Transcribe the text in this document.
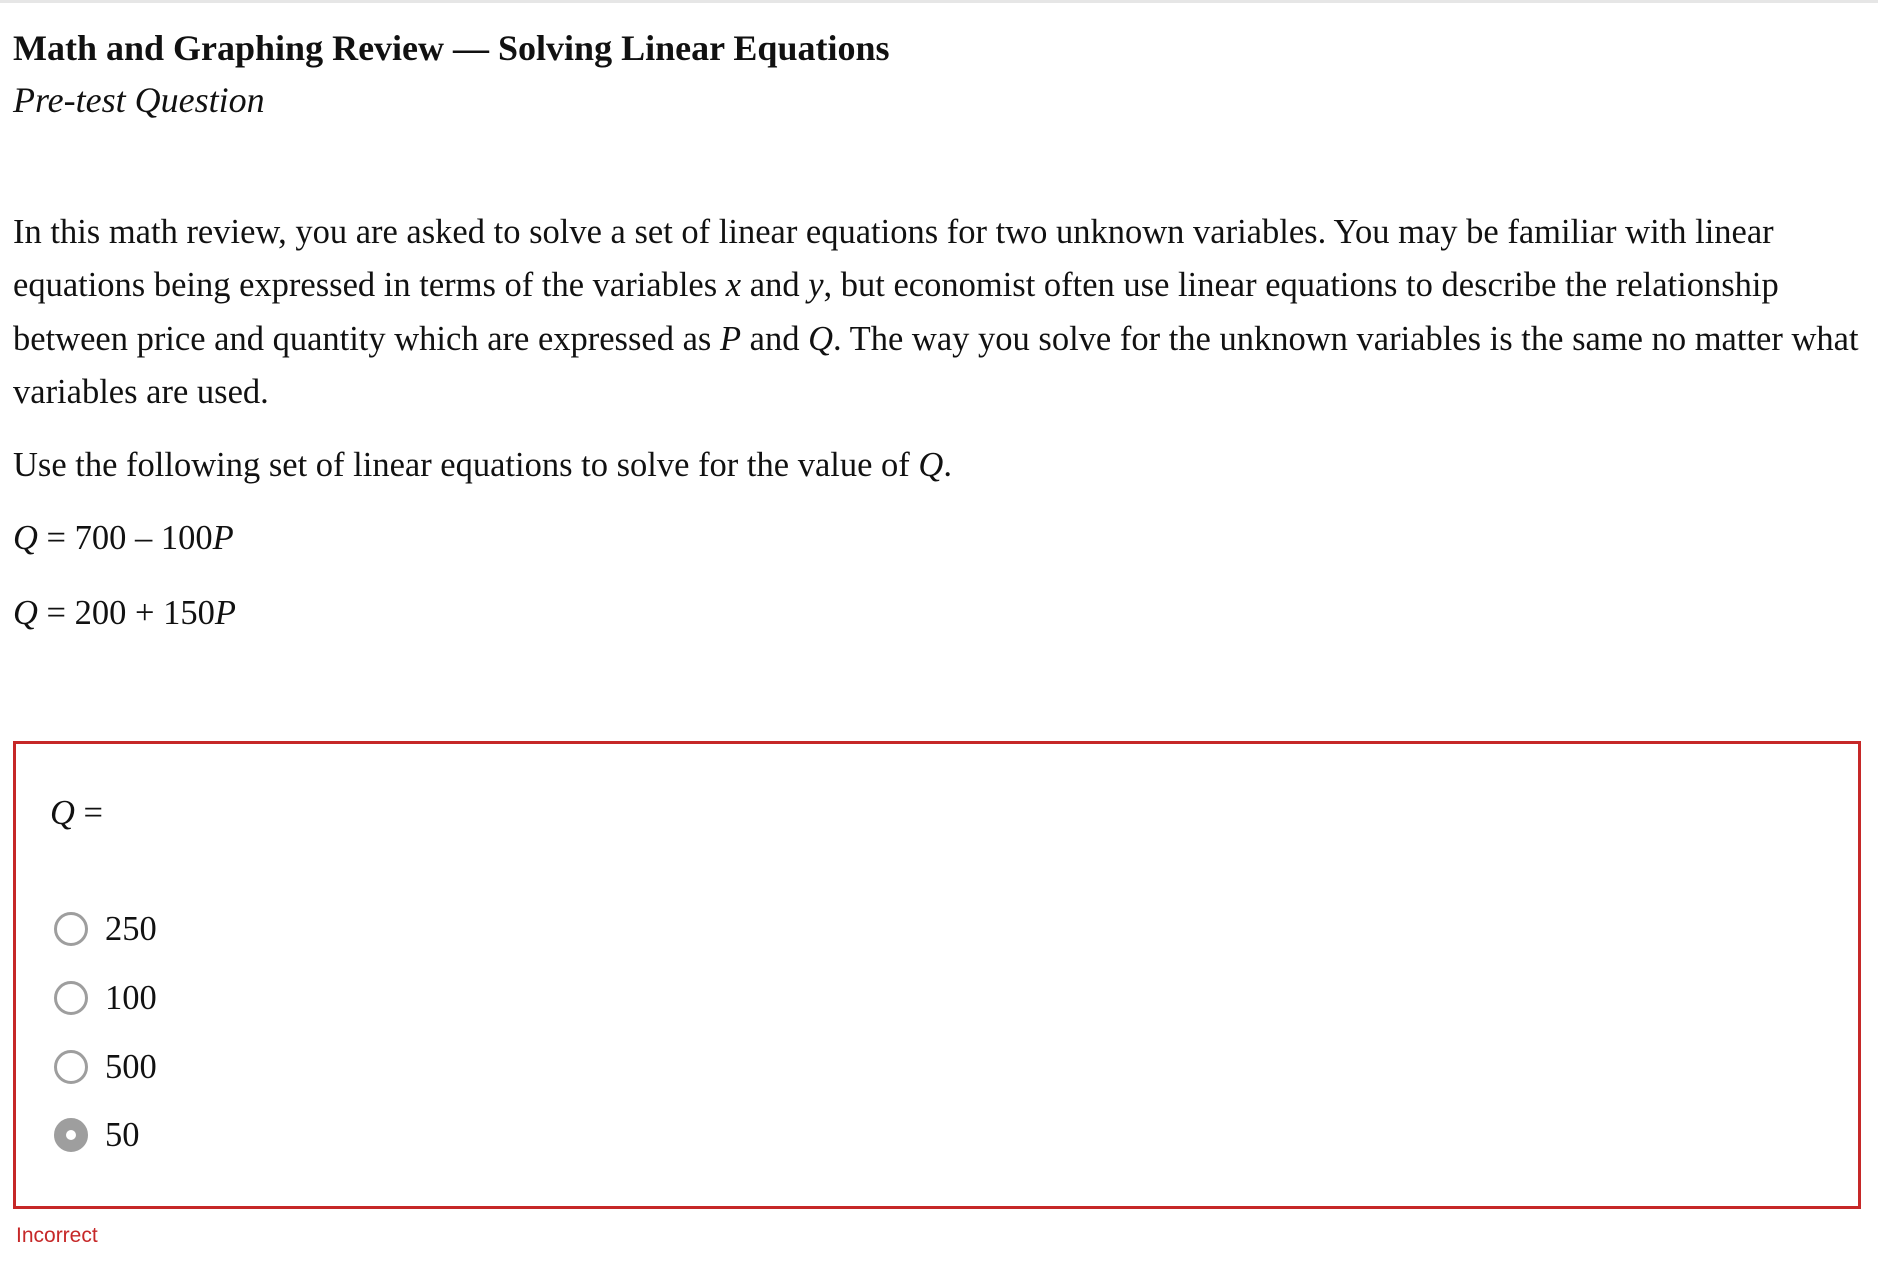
Math and Graphing Review — Solving Linear Equations
Pre-test Question

In this math review, you are asked to solve a set of linear equations for two unknown variables. You may be familiar with linear equations being expressed in terms of the variables x and y, but economist often use linear equations to describe the relationship between price and quantity which are expressed as P and Q. The way you solve for the unknown variables is the same no matter what variables are used.

Use the following set of linear equations to solve for the value of Q.
Q = 700 – 100P
Q = 200 + 150P
Q =
250
100
500
50
Incorrect
